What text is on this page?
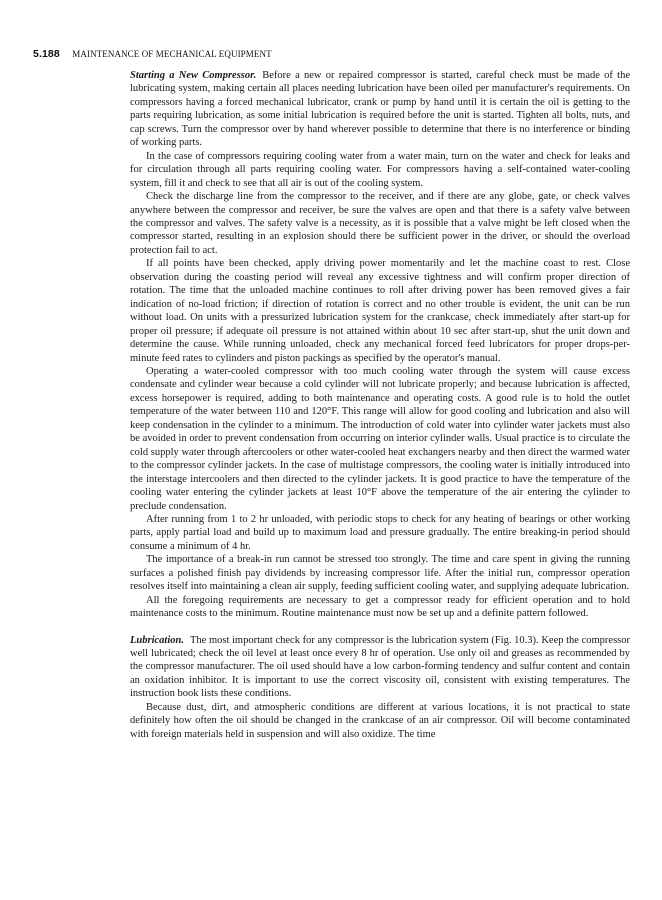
5.188 MAINTENANCE OF MECHANICAL EQUIPMENT

Starting a New Compressor. Before a new or repaired compressor is started, careful check must be made of the lubricating system, making certain all places needing lubrication have been oiled per manufacturer's requirements. On compressors having a forced mechanical lubricator, crank or pump by hand until it is certain the oil is getting to the parts requiring lubrication, as some initial lubrication is required before the unit is started. Tighten all bolts, nuts, and cap screws. Turn the compressor over by hand wherever possible to determine that there is no interference or binding of working parts.

In the case of compressors requiring cooling water from a water main, turn on the water and check for leaks and for circulation through all parts requiring cooling water. For compressors having a self-contained water-cooling system, fill it and check to see that all air is out of the cooling system.

Check the discharge line from the compressor to the receiver, and if there are any globe, gate, or check valves anywhere between the compressor and receiver, be sure the valves are open and that there is a safety valve between the compressor and valves. The safety valve is a necessity, as it is possible that a valve might be left closed when the compressor started, resulting in an explosion should there be sufficient power in the driver, or should the overload protection fail to act.

If all points have been checked, apply driving power momentarily and let the machine coast to rest. Close observation during the coasting period will reveal any excessive tightness and will confirm proper direction of rotation. The time that the unloaded machine continues to roll after driving power has been removed gives a fair indication of no-load friction; if direction of rotation is correct and no other trouble is evident, the unit can be run without load. On units with a pressurized lubrication system for the crankcase, check immediately after start-up for proper oil pressure; if adequate oil pressure is not attained within about 10 sec after start-up, shut the unit down and determine the cause. While running unloaded, check any mechanical forced feed lubricators for proper drops-per-minute feed rates to cylinders and piston packings as specified by the operator's manual.

Operating a water-cooled compressor with too much cooling water through the system will cause excess condensate and cylinder wear because a cold cylinder will not lubricate properly; and because lubrication is affected, excess horsepower is required, adding to both maintenance and operating costs. A good rule is to hold the outlet temperature of the water between 110 and 120°F. This range will allow for good cooling and lubrication and also will keep condensation in the cylinder to a minimum. The introduction of cold water into cylinder water jackets must also be avoided in order to prevent condensation from occurring on interior cylinder walls. Usual practice is to circulate the cold supply water through aftercoolers or other water-cooled heat exchangers nearby and then direct the warmed water to the compressor cylinder jackets. In the case of multistage compressors, the cooling water is initially introduced into the interstage intercoolers and then directed to the cylinder jackets. It is good practice to have the temperature of the cooling water entering the cylinder jackets at least 10°F above the temperature of the air entering the cylinder to preclude condensation.

After running from 1 to 2 hr unloaded, with periodic stops to check for any heating of bearings or other working parts, apply partial load and build up to maximum load and pressure gradually. The entire breaking-in period should consume a minimum of 4 hr.

The importance of a break-in run cannot be stressed too strongly. The time and care spent in giving the running surfaces a polished finish pay dividends by increasing compressor life. After the initial run, compressor operation resolves itself into maintaining a clean air supply, feeding sufficient cooling water, and supplying adequate lubrication.

All the foregoing requirements are necessary to get a compressor ready for efficient operation and to hold maintenance costs to the minimum. Routine maintenance must now be set up and a definite pattern followed.

Lubrication. The most important check for any compressor is the lubrication system (Fig. 10.3). Keep the compressor well lubricated; check the oil level at least once every 8 hr of operation. Use only oil and greases as recommended by the compressor manufacturer. The oil used should have a low carbon-forming tendency and sulfur content and contain an oxidation inhibitor. It is important to use the correct viscosity oil, consistent with existing temperatures. The instruction book lists these conditions.

Because dust, dirt, and atmospheric conditions are different at various locations, it is not practical to state definitely how often the oil should be changed in the crankcase of an air compressor. Oil will become contaminated with foreign materials held in suspension and will also oxidize. The time
